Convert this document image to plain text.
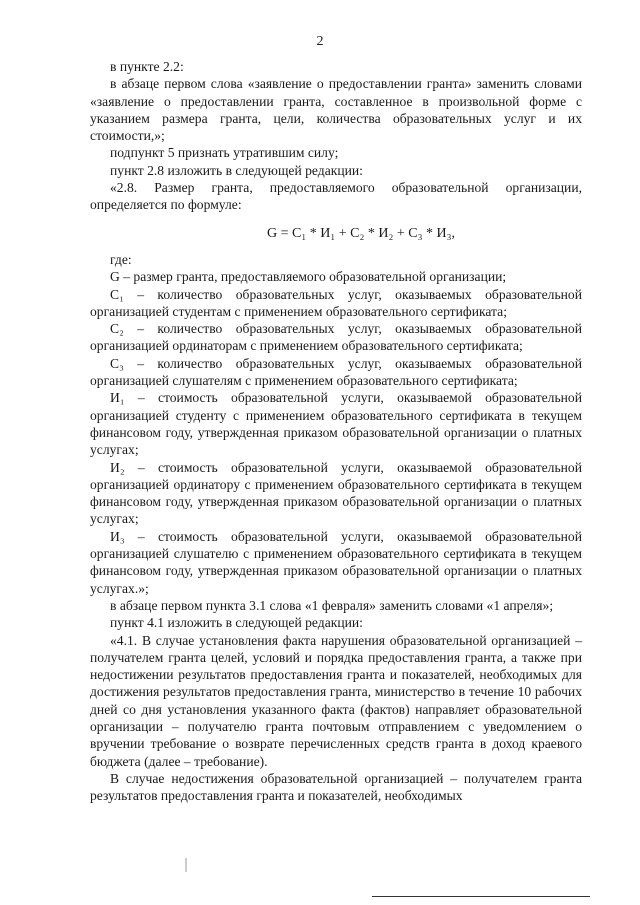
2

в пункте 2.2:

в абзаце первом слова «заявление о предоставлении гранта» заменить словами «заявление о предоставлении гранта, составленное в произвольной форме с указанием размера гранта, цели, количества образовательных услуг и их стоимости,»;

подпункт 5 признать утратившим силу;

пункт 2.8 изложить в следующей редакции:

«2.8. Размер гранта, предоставляемого образовательной организации, определяется по формуле:

G = С₁ * И₁ + С₂ * И₂ + С₃ * И₃,

где:

G – размер гранта, предоставляемого образовательной организации;

С₁ – количество образовательных услуг, оказываемых образовательной организацией студентам с применением образовательного сертификата;

С₂ – количество образовательных услуг, оказываемых образовательной организацией ординаторам с применением образовательного сертификата;

С₃ – количество образовательных услуг, оказываемых образовательной организацией слушателям с применением образовательного сертификата;

И₁ – стоимость образовательной услуги, оказываемой образовательной организацией студенту с применением образовательного сертификата в текущем финансовом году, утвержденная приказом образовательной организации о платных услугах;

И₂ – стоимость образовательной услуги, оказываемой образовательной организацией ординатору с применением образовательного сертификата в текущем финансовом году, утвержденная приказом образовательной организации о платных услугах;

И₃ – стоимость образовательной услуги, оказываемой образовательной организацией слушателю с применением образовательного сертификата в текущем финансовом году, утвержденная приказом образовательной организации о платных услугах.»;

в абзаце первом пункта 3.1 слова «1 февраля» заменить словами «1 апреля»;

пункт 4.1 изложить в следующей редакции:

«4.1. В случае установления факта нарушения образовательной организацией – получателем гранта целей, условий и порядка предоставления гранта, а также при недостижении результатов предоставления гранта и показателей, необходимых для достижения результатов предоставления гранта, министерство в течение 10 рабочих дней со дня установления указанного факта (фактов) направляет образовательной организации – получателю гранта почтовым отправлением с уведомлением о вручении требование о возврате перечисленных средств гранта в доход краевого бюджета (далее – требование).

В случае недостижения образовательной организацией – получателем гранта результатов предоставления гранта и показателей, необходимых
